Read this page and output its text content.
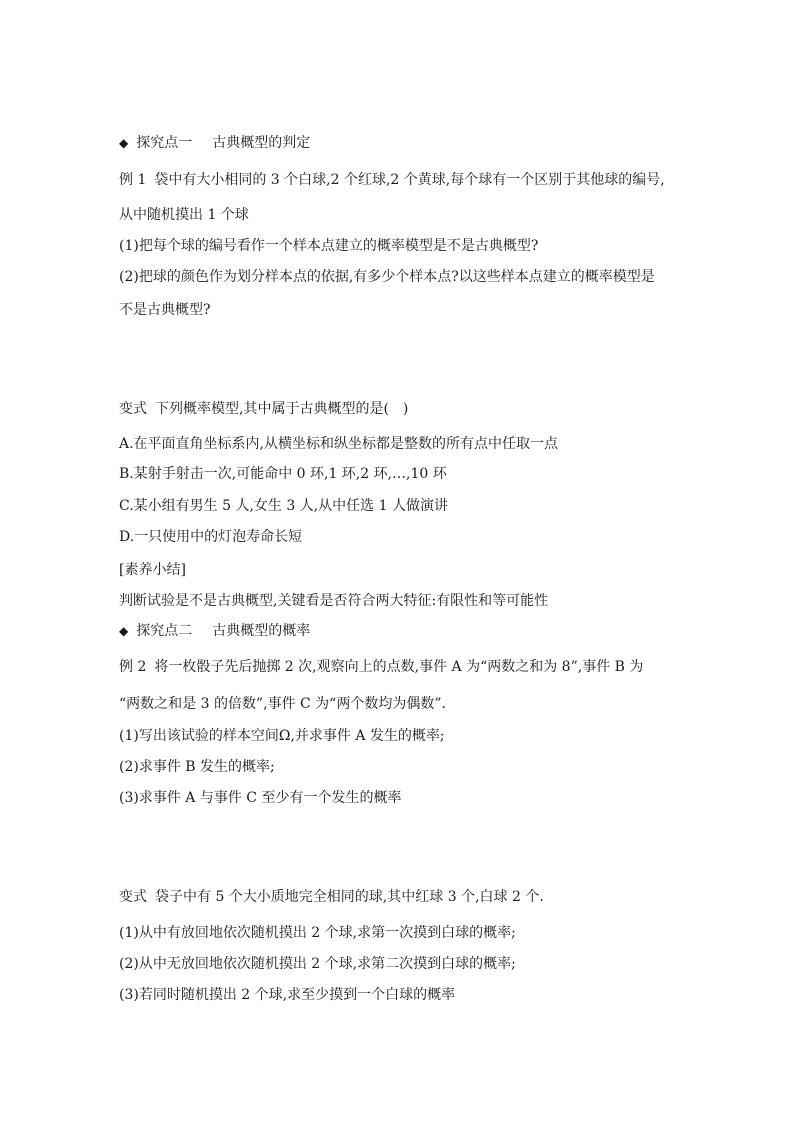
◆ 探究点一 古典概型的判定
例 1 袋中有大小相同的 3 个白球,2 个红球,2 个黄球,每个球有一个区别于其他球的编号,
从中随机摸出 1 个球
(1)把每个球的编号看作一个样本点建立的概率模型是不是古典概型?
(2)把球的颜色作为划分样本点的依据,有多少个样本点?以这些样本点建立的概率模型是
不是古典概型?
变式 下列概率模型,其中属于古典概型的是(　)
A.在平面直角坐标系内,从横坐标和纵坐标都是整数的所有点中任取一点
B.某射手射击一次,可能命中 0 环,1 环,2 环,…,10 环
C.某小组有男生 5 人,女生 3 人,从中任选 1 人做演讲
D.一只使用中的灯泡寿命长短
[素养小结]
判断试验是不是古典概型,关键看是否符合两大特征:有限性和等可能性
◆ 探究点二 古典概型的概率
例 2 将一枚骰子先后抛掷 2 次,观察向上的点数,事件 A 为“两数之和为 8”,事件 B 为
“两数之和是 3 的倍数”,事件 C 为“两个数均为偶数”.
(1)写出该试验的样本空间Ω,并求事件 A 发生的概率;
(2)求事件 B 发生的概率;
(3)求事件 A 与事件 C 至少有一个发生的概率
变式 袋子中有 5 个大小质地完全相同的球,其中红球 3 个,白球 2 个.
(1)从中有放回地依次随机摸出 2 个球,求第一次摸到白球的概率;
(2)从中无放回地依次随机摸出 2 个球,求第二次摸到白球的概率;
(3)若同时随机摸出 2 个球,求至少摸到一个白球的概率
